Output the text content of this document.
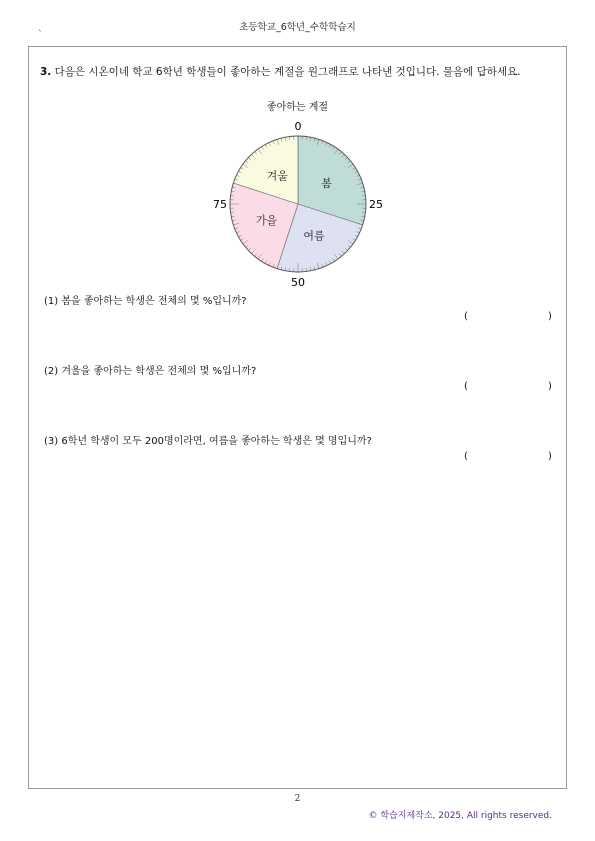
초등학교_6학년_수학학습지
`
3. 다음은 시온이네 학교 6학년 학생들이 좋아하는 계절을 원그래프로 나타낸 것입니다. 물음에 답하세요.
좋아하는 계절
봄
여름
가을
겨울
0
25
50
75
(1) 봄을 좋아하는 학생은 전체의 몇 %입니까?
(	)
(2) 겨울을 좋아하는 학생은 전체의 몇 %입니까?
(	)
(3) 6학년 학생이 모두 200명이라면, 여름을 좋아하는 학생은 몇 명입니까?
(	)
2
© 학습지제작소, 2025, All rights reserved.
